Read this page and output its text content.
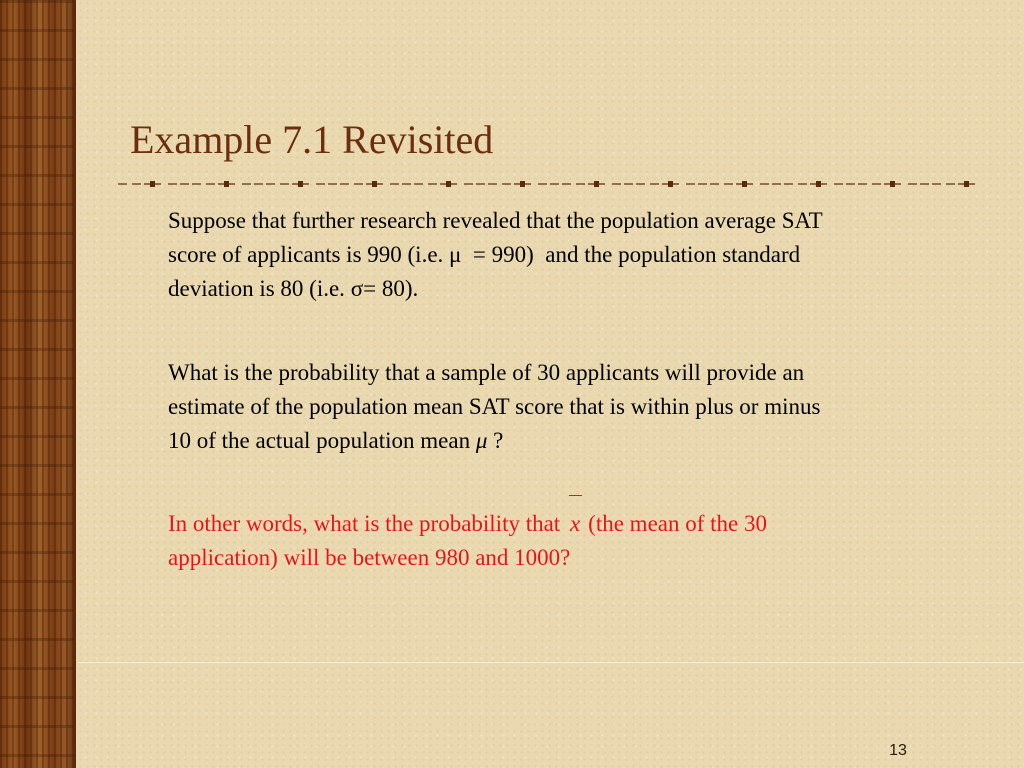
Example 7.1 Revisited

Suppose that further research revealed that the population average SAT
score of applicants is 990 (i.e. μ  = 990)  and the population standard
deviation is 80 (i.e. σ= 80).

What is the probability that a sample of 30 applicants will provide an
estimate of the population mean SAT score that is within plus or minus
10 of the actual population mean μ ?

In other words, what is the probability that
x (the mean of the 30
application) will be between 980 and 1000?

13
